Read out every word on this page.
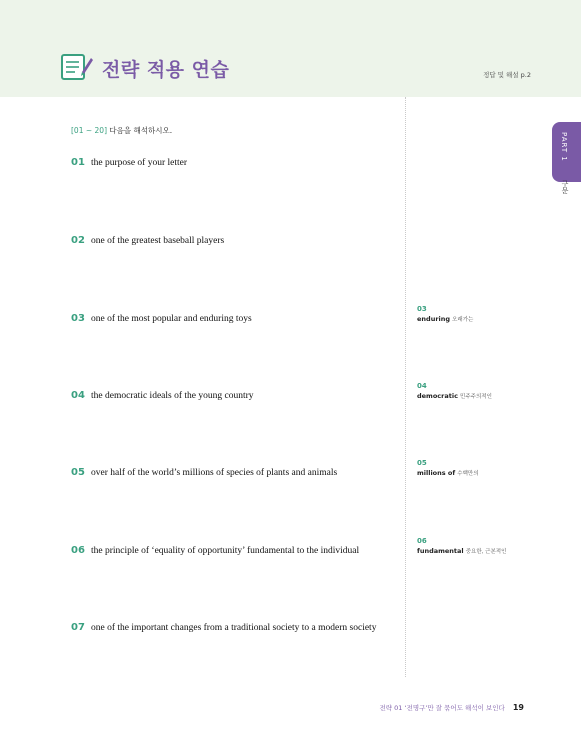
전략 적용 연습	정답 및 해설 p.2
[01 ~ 20] 다음을 해석하시오.
01 the purpose of your letter
02 one of the greatest baseball players
03 one of the most popular and enduring toys
04 the democratic ideals of the young country
05 over half of the world’s millions of species of plants and animals
06 the principle of ‘equality of opportunity’ fundamental to the individual
07 one of the important changes from a traditional society to a modern society
03
enduring 오래가는
04
democratic 민주주의적인
05
millions of 수백만의
06
fundamental 중요한, 근본적인
PART 1
구문
전략 01 ‘전명구’만 잘 묶어도 해석이 보인다 19
